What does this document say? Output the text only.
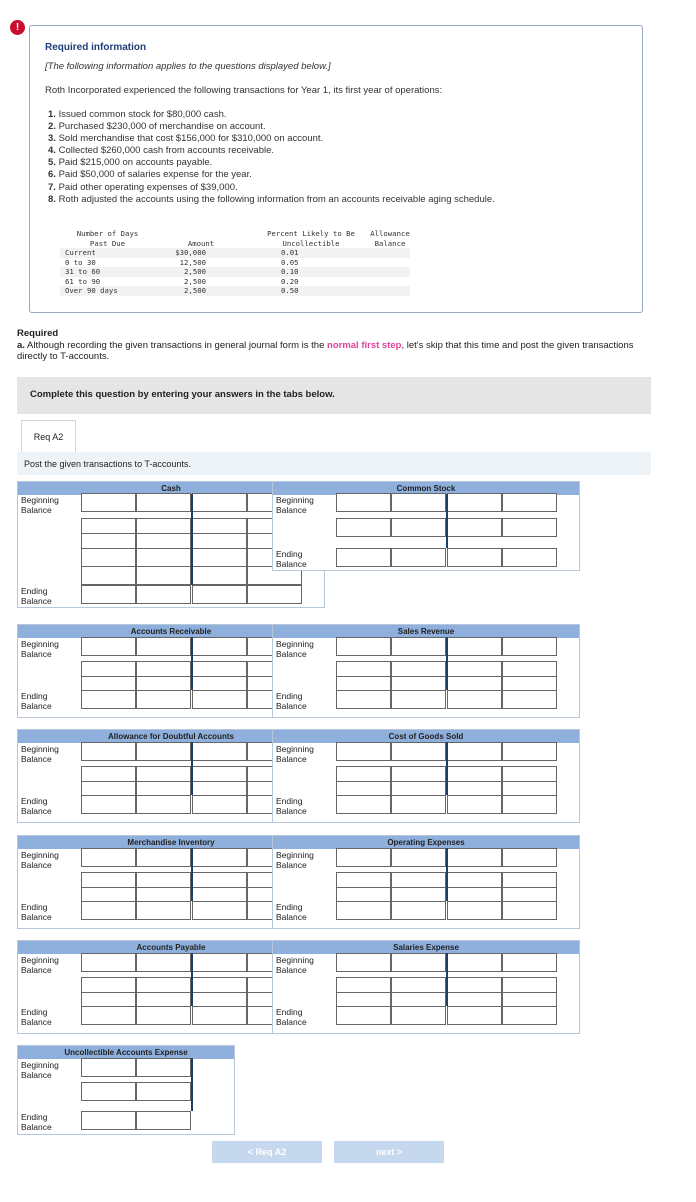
!
Required information
[The following information applies to the questions displayed below.]
Roth Incorporated experienced the following transactions for Year 1, its first year of operations:
1. Issued common stock for $80,000 cash.
2. Purchased $230,000 of merchandise on account.
3. Sold merchandise that cost $156,000 for $310,000 on account.
4. Collected $260,000 cash from accounts receivable.
5. Paid $215,000 on accounts payable.
6. Paid $50,000 of salaries expense for the year.
7. Paid other operating expenses of $39,000.
8. Roth adjusted the accounts using the following information from an accounts receivable aging schedule.
Number of Days
Past Due	Amount
Percent Likely to Be
Uncollectible
Allowance
Balance
Current	$30,000	0.01
0 to 30	12,500	0.05
31 to 60	2,500	0.10
61 to 90	2,500	0.20
Over 90 days	2,500	0.50
Required
a. Although recording the given transactions in general journal form is the normal first step, let's skip that this time and post the given transactions directly to T-accounts.
Complete this question by entering your answers in the tabs below.
Req A2
Post the given transactions to T-accounts.
Cash
Beginning
Balance
Ending
Balance
Common Stock
Beginning
Balance
Ending
Balance
Accounts Receivable
Beginning
Balance
Ending
Balance
Sales Revenue
Beginning
Balance
Ending
Balance
Allowance for Doubtful Accounts
Beginning
Balance
Ending
Balance
Cost of Goods Sold
Beginning
Balance
Ending
Balance
Merchandise Inventory
Beginning
Balance
Ending
Balance
Operating Expenses
Beginning
Balance
Ending
Balance
Accounts Payable
Beginning
Balance
Ending
Balance
Salaries Expense
Beginning
Balance
Ending
Balance
Uncollectible Accounts Expense
Beginning
Balance
Ending
Balance
< Req A2	next >
